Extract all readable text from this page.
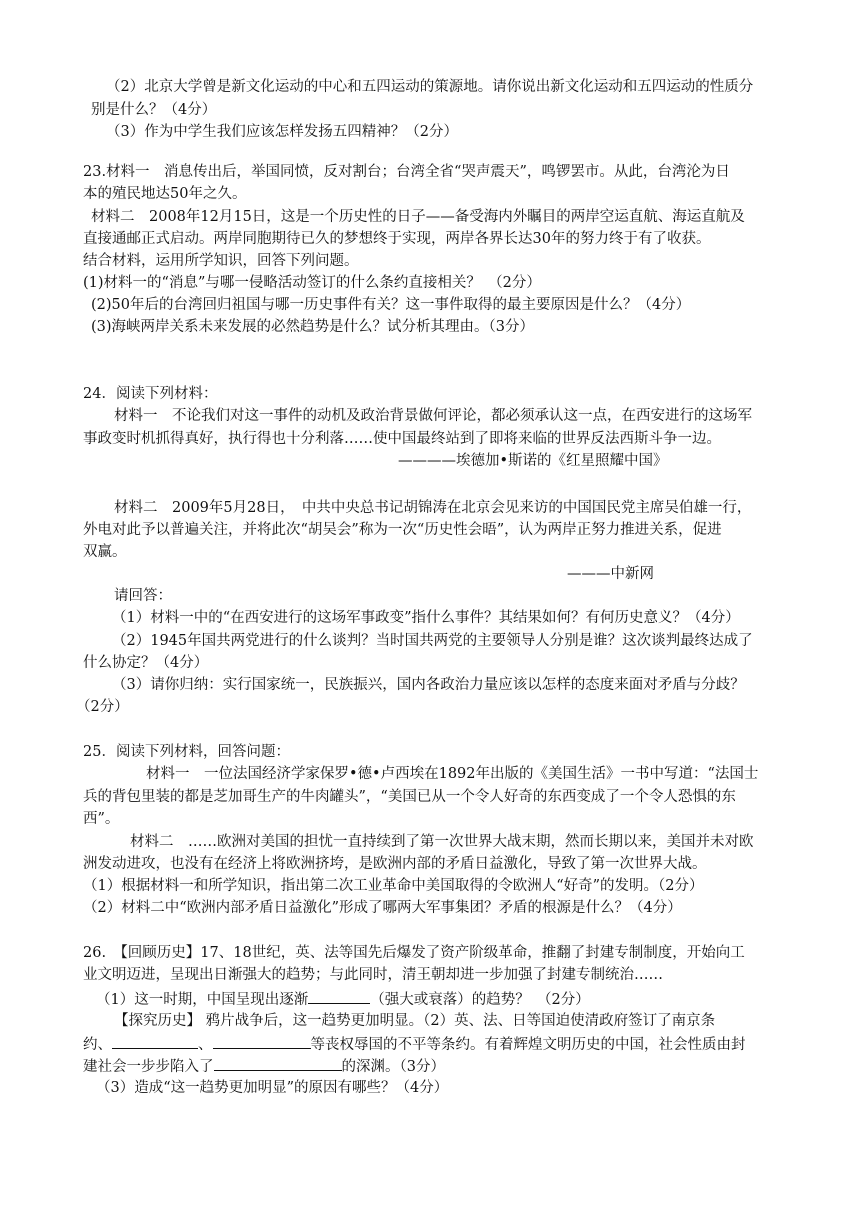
（2）北京大学曾是新文化运动的中心和五四运动的策源地。请你说出新文化运动和五四运动的性质分
别是什么？（4分）
（3）作为中学生我们应该怎样发扬五四精神？（2分）
23.材料一　消息传出后，举国同愤，反对割台；台湾全省“哭声震天”，鸣锣罢市。从此，台湾沦为日
本的殖民地达50年之久。
材料二　2008年12月15日，这是一个历史性的日子——备受海内外瞩目的两岸空运直航、海运直航及
直接通邮正式启动。两岸同胞期待已久的梦想终于实现，两岸各界长达30年的努力终于有了收获。
结合材料，运用所学知识，回答下列问题。
(1)材料一的“消息”与哪一侵略活动签订的什么条约直接相关？　（2分）
(2)50年后的台湾回归祖国与哪一历史事件有关？这一事件取得的最主要原因是什么？（4分）
(3)海峡两岸关系未来发展的必然趋势是什么？试分析其理由。（3分）
24．阅读下列材料：
材料一　不论我们对这一事件的动机及政治背景做何评论，都必须承认这一点，在西安进行的这场军
事政变时机抓得真好，执行得也十分利落……使中国最终站到了即将来临的世界反法西斯斗争一边。
————埃德加•斯诺的《红星照耀中国》
材料二　2009年5月28日，　中共中央总书记胡锦涛在北京会见来访的中国国民党主席吴伯雄一行，
外电对此予以普遍关注，并将此次“胡吴会”称为一次“历史性会晤”，认为两岸正努力推进关系，促进
双赢。
———中新网
请回答：
（1）材料一中的“在西安进行的这场军事政变”指什么事件？其结果如何？有何历史意义？（4分）
（2）1945年国共两党进行的什么谈判？当时国共两党的主要领导人分别是谁？这次谈判最终达成了
什么协定？（4分）
（3）请你归纳：实行国家统一，民族振兴，国内各政治力量应该以怎样的态度来面对矛盾与分歧？
（2分）
25．阅读下列材料，回答问题：
材料一　一位法国经济学家保罗•德•卢西埃在1892年出版的《美国生活》一书中写道：“法国士
兵的背包里装的都是芝加哥生产的牛肉罐头”，“美国已从一个令人好奇的东西变成了一个令人恐惧的东
西”。
材料二　……欧洲对美国的担忧一直持续到了第一次世界大战末期，然而长期以来，美国并未对欧
洲发动进攻，也没有在经济上将欧洲挤垮，是欧洲内部的矛盾日益激化，导致了第一次世界大战。
（1）根据材料一和所学知识，指出第二次工业革命中美国取得的令欧洲人“好奇”的发明。（2分）
（2）材料二中“欧洲内部矛盾日益激化”形成了哪两大军事集团？矛盾的根源是什么？（4分）
26.　【回顾历史】17、18世纪，英、法等国先后爆发了资产阶级革命，推翻了封建专制制度，开始向工
业文明迈进，呈现出日渐强大的趋势；与此同时，清王朝却进一步加强了封建专制统治……
（1）这一时期，中国呈现出逐渐	（强大或衰落）的趋势？　（2分）
【探究历史】 鸦片战争后，这一趋势更加明显。（2）英、法、日等国迫使清政府签订了南京条
约、	、	等丧权辱国的不平等条约。有着辉煌文明历史的中国，社会性质由封
建社会一步步陷入了	的深渊。（3分）
（3）造成“这一趋势更加明显”的原因有哪些？（4分）
